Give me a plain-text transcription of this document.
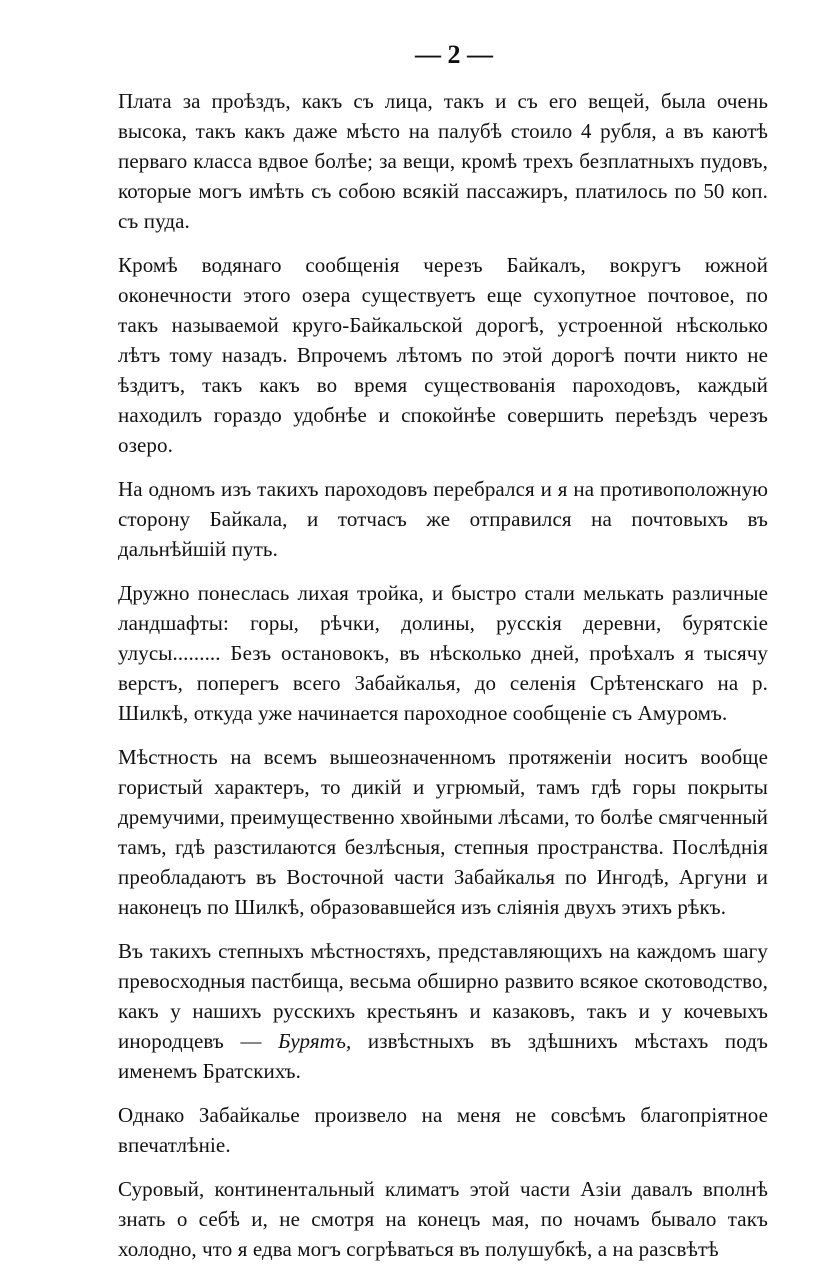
— 2 —

Плата за проѣздъ, какъ съ лица, такъ и съ его вещей, была очень высока, такъ какъ даже мѣсто на палубѣ стоило 4 рубля, а въ каютѣ перваго класса вдвое болѣе; за вещи, кромѣ трехъ безплатныхъ пудовъ, которые могъ имѣть съ собою всякій пассажиръ, платилось по 50 коп. съ пуда.

Кромѣ водянаго сообщенія черезъ Байкалъ, вокругъ южной оконечности этого озера существуетъ еще сухопутное почтовое, по такъ называемой круго-Байкальской дорогѣ, устроенной нѣсколько лѣтъ тому назадъ. Впрочемъ лѣтомъ по этой дорогѣ почти никто не ѣздитъ, такъ какъ во время существованія пароходовъ, каждый находилъ гораздо удобнѣе и спокойнѣе совершить переѣздъ черезъ озеро.

На одномъ изъ такихъ пароходовъ перебрался и я на противоположную сторону Байкала, и тотчасъ же отправился на почтовыхъ въ дальнѣйшій путь.

Дружно понеслась лихая тройка, и быстро стали мелькать различные ландшафты: горы, рѣчки, долины, русскія деревни, бурятскіе улусы......... Безъ остановокъ, въ нѣсколько дней, проѣхалъ я тысячу верстъ, поперегъ всего Забайкалья, до селенія Срѣтенскаго на р. Шилкѣ, откуда уже начинается пароходное сообщеніе съ Амуромъ.

Мѣстность на всемъ вышеозначенномъ протяженіи носитъ вообще гористый характеръ, то дикій и угрюмый, тамъ гдѣ горы покрыты дремучими, преимущественно хвойными лѣсами, то болѣе смягченный тамъ, гдѣ разстилаются безлѣсныя, степныя пространства. Послѣднія преобладаютъ въ Восточной части Забайкалья по Ингодѣ, Аргуни и наконецъ по Шилкѣ, образовавшейся изъ слiянія двухъ этихъ рѣкъ.

Въ такихъ степныхъ мѣстностяхъ, представляющихъ на каждомъ шагу превосходныя пастбища, весьма обширно развито всякое скотоводство, какъ у нашихъ русскихъ крестьянъ и казаковъ, такъ и у кочевыхъ инородцевъ — Бурятъ, извѣстныхъ въ здѣшнихъ мѣстахъ подъ именемъ Братскихъ.

Однако Забайкалье произвело на меня не совсѣмъ благопріятное впечатлѣніе.

Суровый, континентальный климатъ этой части Азіи давалъ вполнѣ знать о себѣ и, не смотря на конецъ мая, по ночамъ бывало такъ холодно, что я едва могъ согрѣваться въ полушубкѣ, а на разсвѣтѣ
